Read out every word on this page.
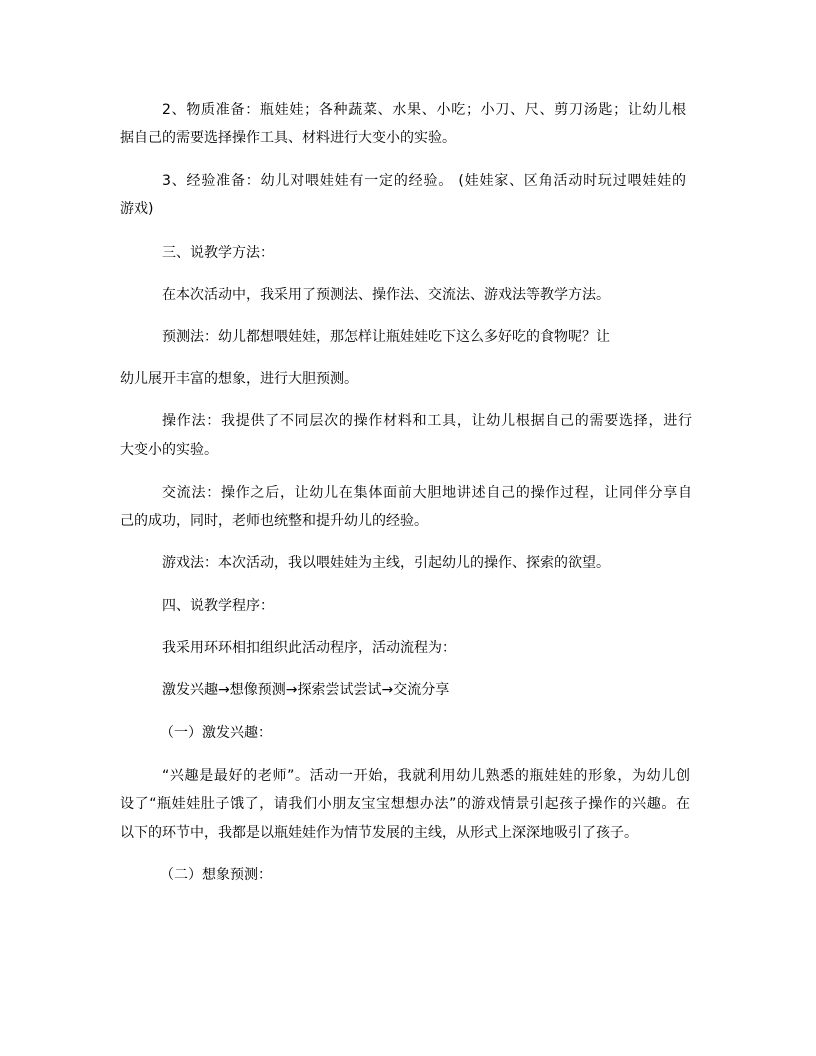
2、物质准备：瓶娃娃；各种蔬菜、水果、小吃；小刀、尺、剪刀汤匙；让幼儿根

据自己的需要选择操作工具、材料进行大变小的实验。

3、经验准备：幼儿对喂娃娃有一定的经验。 (娃娃家、区角活动时玩过喂娃娃的

游戏)

三、说教学方法：

在本次活动中，我采用了预测法、操作法、交流法、游戏法等教学方法。

预测法：幼儿都想喂娃娃，那怎样让瓶娃娃吃下这么多好吃的食物呢？让

幼儿展开丰富的想象，进行大胆预测。

操作法：我提供了不同层次的操作材料和工具，让幼儿根据自己的需要选择，进行

大变小的实验。

交流法：操作之后，让幼儿在集体面前大胆地讲述自己的操作过程，让同伴分享自

己的成功，同时，老师也统整和提升幼儿的经验。

游戏法：本次活动，我以喂娃娃为主线，引起幼儿的操作、探索的欲望。

四、说教学程序：

我采用环环相扣组织此活动程序，活动流程为：

激发兴趣→想像预测→探索尝试尝试→交流分享

（一）激发兴趣：

“兴趣是最好的老师”。活动一开始，我就利用幼儿熟悉的瓶娃娃的形象，为幼儿创

设了“瓶娃娃肚子饿了，请我们小朋友宝宝想想办法”的游戏情景引起孩子操作的兴趣。在

以下的环节中，我都是以瓶娃娃作为情节发展的主线，从形式上深深地吸引了孩子。

（二）想象预测：
